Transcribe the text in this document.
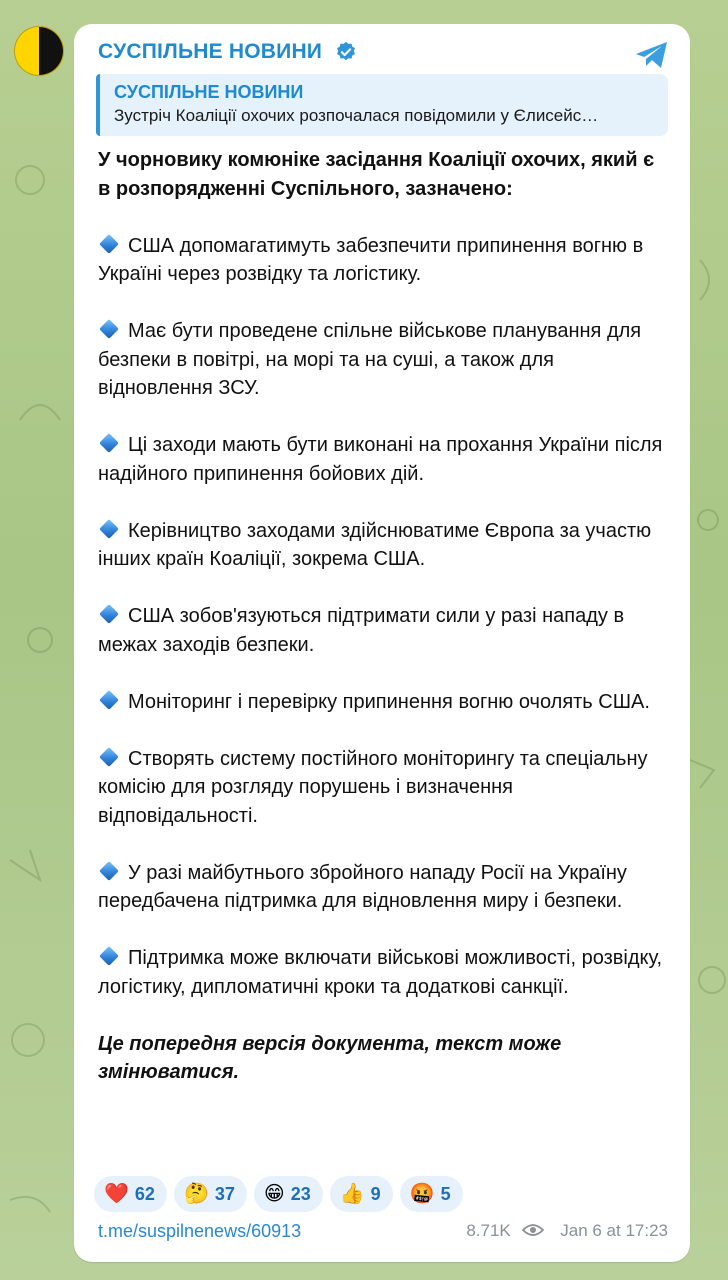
СУСПІЛЬНЕ НОВИНИ
СУСПІЛЬНЕ НОВИНИ
Зустріч Коаліції охочих розпочалася повідомили у Єлисейс…

У чорновику комюніке засідання Коаліції охочих, який є в розпорядженні Суспільного, зазначено:

США допомагатимуть забезпечити припинення вогню в Україні через розвідку та логістику.

Має бути проведене спільне військове планування для безпеки в повітрі, на морі та на суші, а також для відновлення ЗСУ.

Ці заходи мають бути виконані на прохання України після надійного припинення бойових дій.

Керівництво заходами здійснюватиме Європа за участю інших країн Коаліції, зокрема США.

США зобов'язуються підтримати сили у разі нападу в межах заходів безпеки.

Моніторинг і перевірку припинення вогню очолять США.

Створять систему постійного моніторингу та спеціальну комісію для розгляду порушень і визначення відповідальності.

У разі майбутнього збройного нападу Росії на Україну передбачена підтримка для відновлення миру і безпеки.

Підтримка може включати військові можливості, розвідку, логістику, дипломатичні кроки та додаткові санкції.

Це попередня версія документа, текст може змінюватися.

❤️ 62 🤔 37 😁 23 👍 9 🤬 5
t.me/suspilnenews/60913	8.71K	Jan 6 at 17:23
